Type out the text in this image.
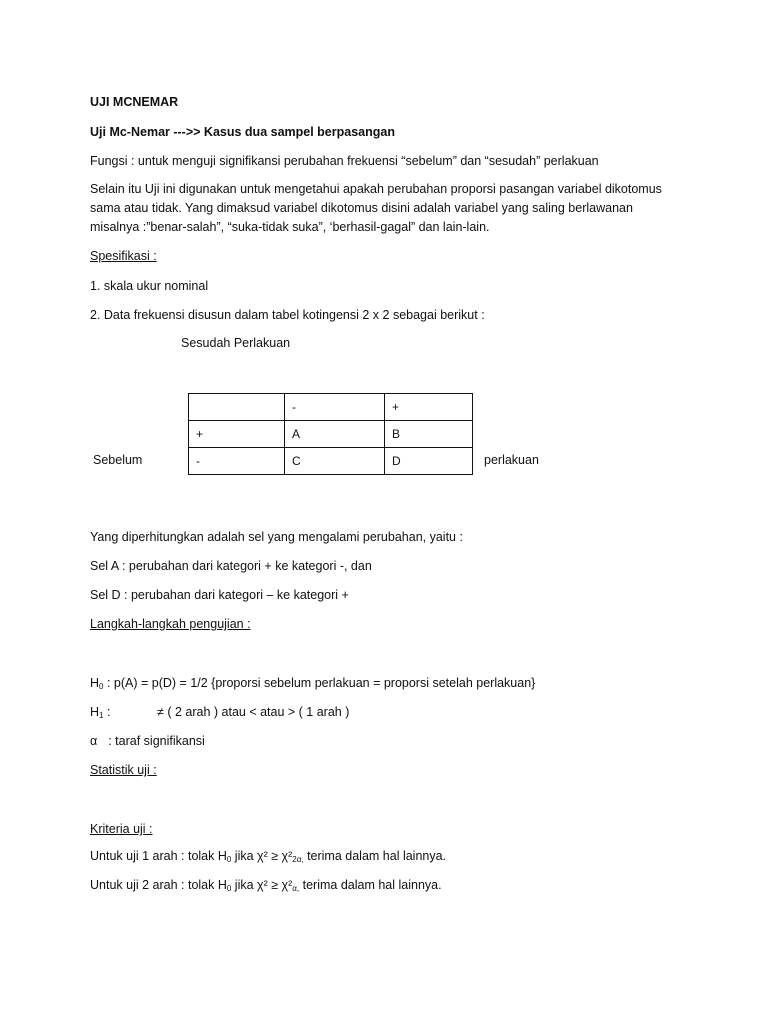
UJI MCNEMAR
Uji Mc-Nemar --->> Kasus dua sampel berpasangan
Fungsi : untuk menguji signifikansi perubahan frekuensi “sebelum” dan “sesudah” perlakuan
Selain itu Uji ini digunakan untuk mengetahui apakah perubahan proporsi pasangan variabel dikotomus sama atau tidak. Yang dimaksud variabel dikotomus disini adalah variabel yang saling berlawanan misalnya :”benar-salah”, “suka-tidak suka”, ‘berhasil-gagal” dan lain-lain.
Spesifikasi :
1. skala ukur nominal
2. Data frekuensi disusun dalam tabel kotingensi 2 x 2 sebagai berikut :
Sesudah Perlakuan
	-	+
+	A	B
-	C	D
Sebelum	perlakuan
Yang diperhitungkan adalah sel yang mengalami perubahan, yaitu :
Sel A : perubahan dari kategori + ke kategori -, dan
Sel D : perubahan dari kategori – ke kategori +
Langkah-langkah pengujian :
$H_0$ : p(A) = p(D) = 1/2 {proporsi sebelum perlakuan = proporsi setelah perlakuan}
$H_1$ :	≠ ( 2 arah ) atau < atau > ( 1 arah )
α : taraf signifikansi
Statistik uji :
Kriteria uji :
Untuk uji 1 arah : tolak $H_0$ jika $\chi^2 \ge \chi^2_{2\alpha,}$ terima dalam hal lainnya.
Untuk uji 2 arah : tolak $H_0$ jika $\chi^2 \ge \chi^2_{\alpha,}$ terima dalam hal lainnya.
